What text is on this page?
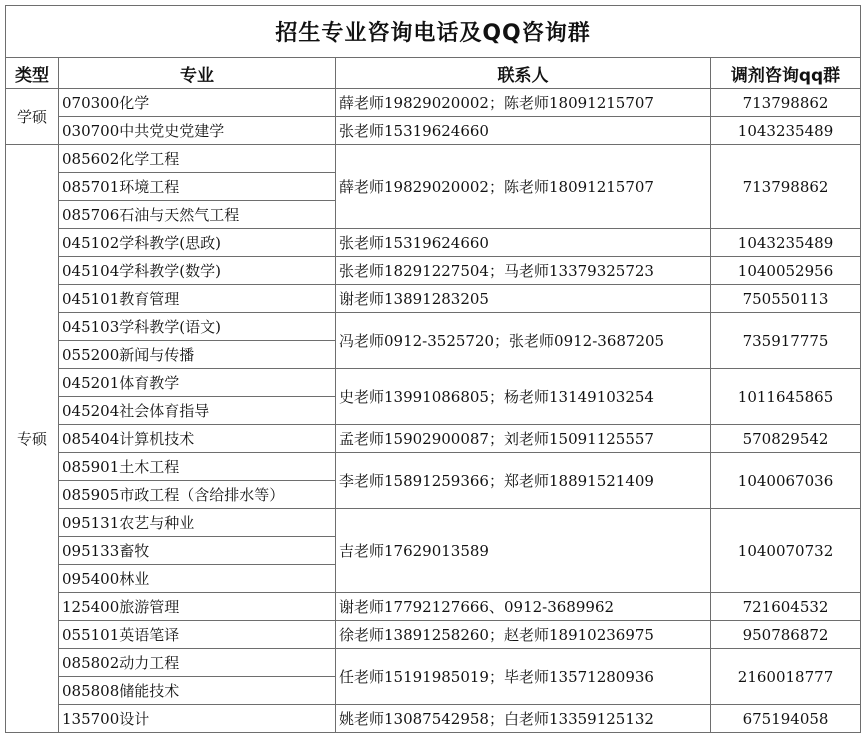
招生专业咨询电话及QQ咨询群			
类型	专业	联系人	调剂咨询qq群
学硕	070300化学	薛老师19829020002；陈老师18091215707	713798862
	030700中共党史党建学	张老师15319624660	1043235489
专硕	085602化学工程	薛老师19829020002；陈老师18091215707	713798862
	085701环境工程		
	085706石油与天然气工程		
	045102学科教学(思政)	张老师15319624660	1043235489
	045104学科教学(数学)	张老师18291227504；马老师13379325723	1040052956
	045101教育管理	谢老师13891283205	750550113
	045103学科教学(语文)	冯老师0912-3525720；张老师0912-3687205	735917775
	055200新闻与传播		
	045201体育教学	史老师13991086805；杨老师13149103254	1011645865
	045204社会体育指导		
	085404计算机技术	孟老师15902900087；刘老师15091125557	570829542
	085901土木工程	李老师15891259366；郑老师18891521409	1040067036
	085905市政工程（含给排水等）		
	095131农艺与种业	吉老师17629013589	1040070732
	095133畜牧		
	095400林业		
	125400旅游管理	谢老师17792127666、0912-3689962	721604532
	055101英语笔译	徐老师13891258260；赵老师18910236975	950786872
	085802动力工程	任老师15191985019；毕老师13571280936	2160018777
	085808储能技术		
	135700设计	姚老师13087542958；白老师13359125132	675194058
